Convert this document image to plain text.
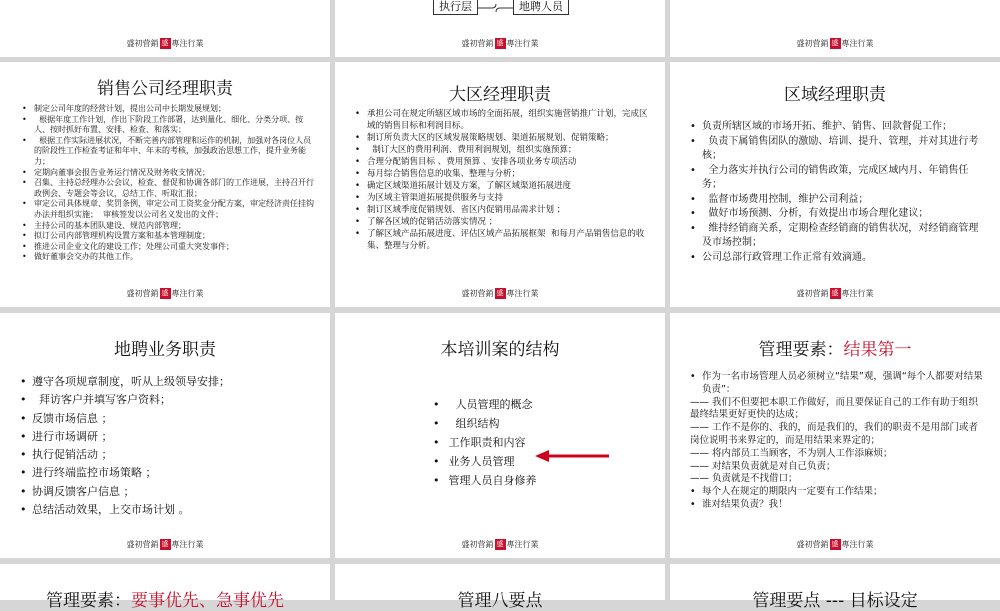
盛初营銷 盛初
專注行業
执行层	地聘人员
盛初营銷 盛初
專注行業	盛初营銷 盛初
專注行業
销售公司经理职责
• 制定公司年度的经营计划，提出公司中长期发展规划；
•   根据年度工作计划，作出下阶段工作部署，达到量化、细化、分类分项、按人、按时抓好布置、安排、检查、和落实；
•   根据工作实际进展状况，不断完善内部管理和运作的机制，加强对各岗位人员的阶段性工作检查考证和年中、年末的考核，加强政治思想工作，提升业务能力；
• 定期向董事会报告业务运行情况及财务收支情况；
• 召集、主持总经理办公会议，检查、督促和协调各部门的工作进展，主持召开行政例会、专题会等会议，总结工作、听取汇报；
• 审定公司具体规章、奖罚条例，审定公司工资奖金分配方案，审定经济责任挂钩办法并组织实施；  审核签发以公司名义发出的文件；
• 主持公司的基本团队建设、规范内部管理；
• 拟订公司内部管理机构设置方案和基本管理制度；
• 推进公司企业文化的建设工作；处理公司重大突发事件；
• 做好董事会交办的其他工作。
盛初营銷 盛初
專注行業
大区经理职责
• 承担公司在规定所辖区域市场的全面拓展，组织实施营销推广计划，完成区域的销售目标和利润目标。
• 制订所负责大区的区域发展策略规划、渠道拓展规划、促销策略；
•   制订大区的费用利润、费用利润规划，组织实施预算；
• 合理分配销售目标 、费用预算 、安排各项业务专项活动
• 每月综合销售信息的收集、整理与分析；
• 确定区域渠道拓展计划及方案，了解区域渠道拓展进度
• 为区域主管渠道拓展提供服务与支持
• 制订区域季度促销规划、省区内促销用品需求计划 ；
• 了解各区域的促销活动落实情况 ；
• 了解区域产品拓展进度、评估区域产品拓展框架  和每月产品销售信息的收集、整理与分析。
盛初营銷 盛初
專注行業
区域经理职责
• 负责所辖区域的市场开拓、维护、销售、回款督促工作；
•   负责下属销售团队的激励、培训、提升、管理，并对其进行考核；
•   全力落实并执行公司的销售政策，完成区域内月、年销售任务；
•   监督市场费用控制，维护公司利益；
•   做好市场预测、分析，有效提出市场合理化建议；
•   维持经销商关系，定期检查经销商的销售状况，对经销商管理及市场控制；
• 公司总部行政管理工作正常有效滴通。
盛初营銷 盛初
專注行業
地聘业务职责
• 遵守各项规章制度，听从上级领导安排；
•   拜访客户并填写客户资料；
• 反馈市场信息 ；
• 进行市场调研 ；
• 执行促销活动 ；
• 进行终端监控市场策略 ；
• 协调反馈客户信息 ；
• 总结活动效果，上交市场计划 。
盛初营銷 盛初
專注行業
本培训案的结构
•    人员管理的概念
•    组织结构
•  工作职责和内容
•  业务人员管理
•  管理人员自身修养
盛初营銷 盛初
專注行業
管理要素：结果第一
• 作为一名市场管理人员必须树立“结果”观，强调“每个人都要对结果负责”：
—— 我们不但要把本职工作做好，而且要保证自己的工作有助于组织最终结果更好更快的达成；
—— 工作不是你的、我的，而是我们的，我们的职责不是用部门或者岗位说明书来界定的，而是用结果来界定的；
—— 将内部员工当顾客，不为别人工作添麻烦；
—— 对结果负责就是对自己负责；
—— 负责就是不找借口；
• 每个人在规定的期限内一定要有工作结果；
• 谁对结果负责？我！
盛初营銷 盛初
專注行業
管理要素：要事优先、急事优先	管理八要点	管理要点 --- 目标设定
